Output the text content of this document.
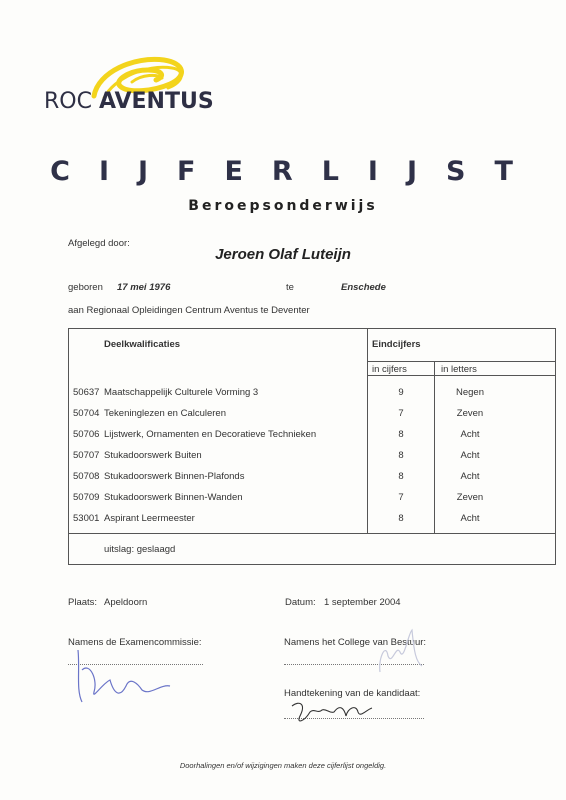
ROC AVENTUS
CIJFERLIJST
Beroepsonderwijs
Afgelegd door:
Jeroen Olaf Luteijn
geboren 17 mei 1976	te	Enschede
aan Regionaal Opleidingen Centrum Aventus te Deventer
Deelkwalificaties	Eindcijfers
in cijfers	in letters
50637 Maatschappelijk Culturele Vorming 3	9	Negen
50704 Tekeninglezen en Calculeren	7	Zeven
50706 Lijstwerk, Ornamenten en Decoratieve Technieken	8	Acht
50707 Stukadoorswerk Buiten	8	Acht
50708 Stukadoorswerk Binnen-Plafonds	8	Acht
50709 Stukadoorswerk Binnen-Wanden	7	Zeven
53001 Aspirant Leermeester	8	Acht
uitslag: geslaagd
Plaats: Apeldoorn	Datum: 1 september 2004
Namens de Examencommissie:	Namens het College van Bestuur:
Handtekening van de kandidaat:
Doorhalingen en/of wijzigingen maken deze cijferlijst ongeldig.
